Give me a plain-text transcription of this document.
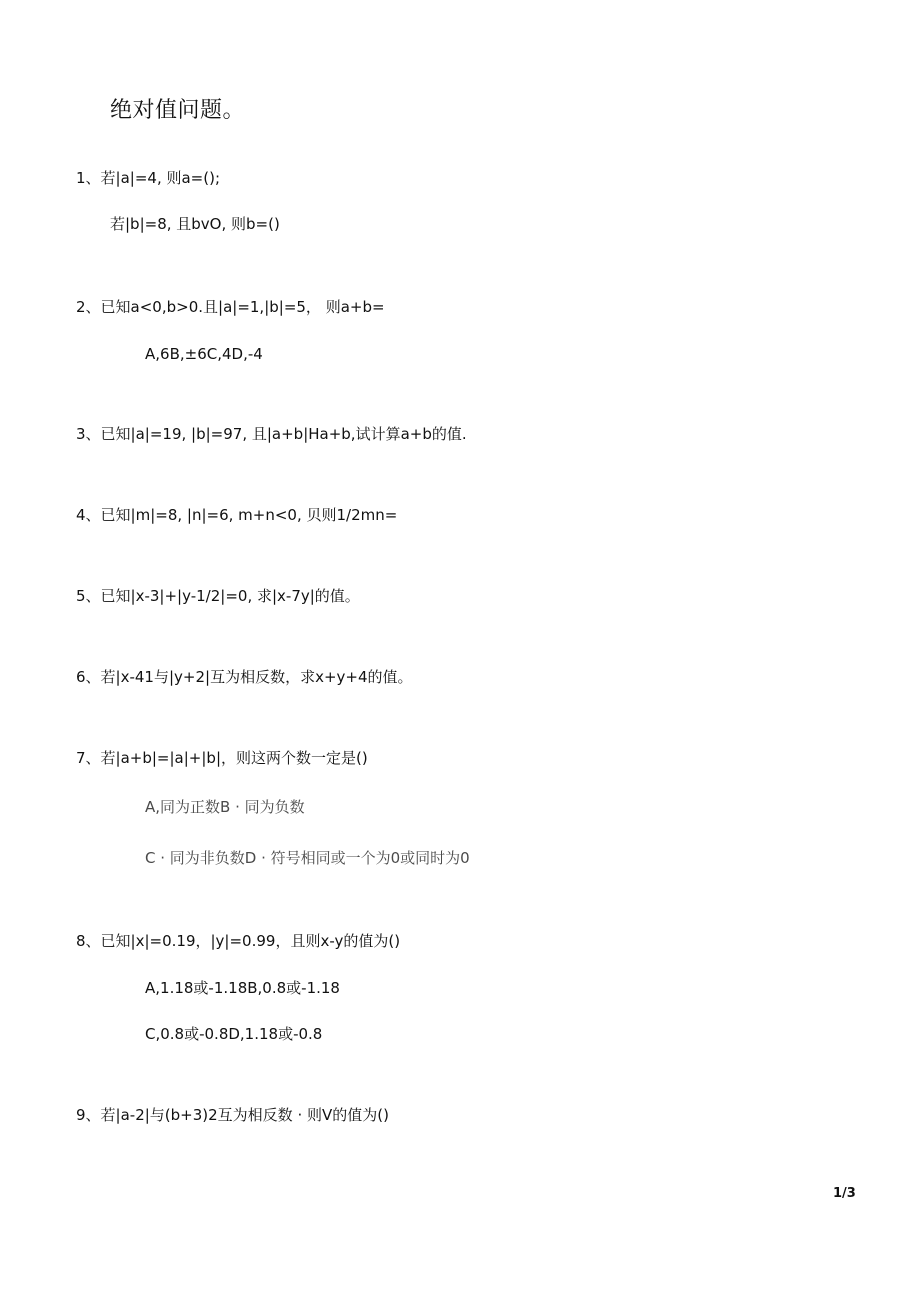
绝对值问题。
1、若|a|=4, 则a=();
若|b|=8, 且bvO, 则b=()
2、已知a<0,b>0.且|a|=1,|b|=5， 则a+b=
A,6B,±6C,4D,-4
3、已知|a|=19, |b|=97, 且|a+b|Ha+b,试计算a+b的值.
4、已知|m|=8, |n|=6, m+n<0, 贝则1/2mn=
5、已知|x-3|+|y-1/2|=0, 求|x-7y|的值。
6、若|x-41与|y+2|互为相反数，求x+y+4的值。
7、若|a+b|=|a|+|b|，则这两个数一定是()
A,同为正数B · 同为负数
C · 同为非负数D · 符号相同或一个为0或同时为0
8、已知|x|=0.19，|y|=0.99，且则x-y的值为()
A,1.18或-1.18B,0.8或-1.18
C,0.8或-0.8D,1.18或-0.8
9、若|a-2|与(b+3)2互为相反数 · 则V的值为()
1/3
